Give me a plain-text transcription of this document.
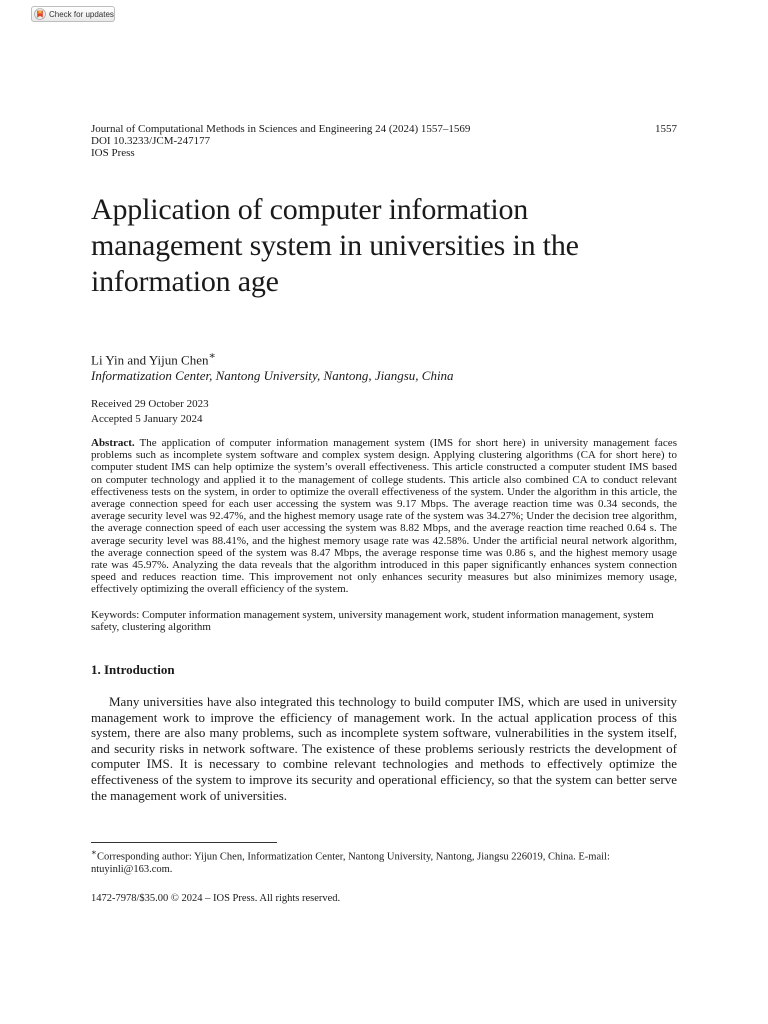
Check for updates
Journal of Computational Methods in Sciences and Engineering 24 (2024) 1557–1569	1557
DOI 10.3233/JCM-247177
IOS Press
Application of computer information management system in universities in the information age
Li Yin and Yijun Chen∗
Informatization Center, Nantong University, Nantong, Jiangsu, China
Received 29 October 2023
Accepted 5 January 2024

Abstract. The application of computer information management system (IMS for short here) in university management faces problems such as incomplete system software and complex system design. Applying clustering algorithms (CA for short here) to computer student IMS can help optimize the system’s overall effectiveness. This article constructed a computer student IMS based on computer technology and applied it to the management of college students. This article also combined CA to conduct relevant effectiveness tests on the system, in order to optimize the overall effectiveness of the system. Under the algorithm in this article, the average connection speed for each user accessing the system was 9.17 Mbps. The average reaction time was 0.34 seconds, the average security level was 92.47%, and the highest memory usage rate of the system was 34.27%; Under the decision tree algorithm, the average connection speed of each user accessing the system was 8.82 Mbps, and the average reaction time reached 0.64 s. The average security level was 88.41%, and the highest memory usage rate was 42.58%. Under the artificial neural network algorithm, the average connection speed of the system was 8.47 Mbps, the average response time was 0.86 s, and the highest memory usage rate was 45.97%. Analyzing the data reveals that the algorithm introduced in this paper significantly enhances system connection speed and reduces reaction time. This improvement not only enhances security measures but also minimizes memory usage, effectively optimizing the overall efficiency of the system.

Keywords: Computer information management system, university management work, student information management, system safety, clustering algorithm

1. Introduction

Many universities have also integrated this technology to build computer IMS, which are used in university management work to improve the efficiency of management work. In the actual application process of this system, there are also many problems, such as incomplete system software, vulnerabilities in the system itself, and security risks in network software. The existence of these problems seriously restricts the development of computer IMS. It is necessary to combine relevant technologies and methods to effectively optimize the effectiveness of the system to improve its security and operational efficiency, so that the system can better serve the management work of universities.

∗Corresponding author: Yijun Chen, Informatization Center, Nantong University, Nantong, Jiangsu 226019, China. E-mail: ntuyinli@163.com.

1472-7978/$35.00 © 2024 – IOS Press. All rights reserved.
